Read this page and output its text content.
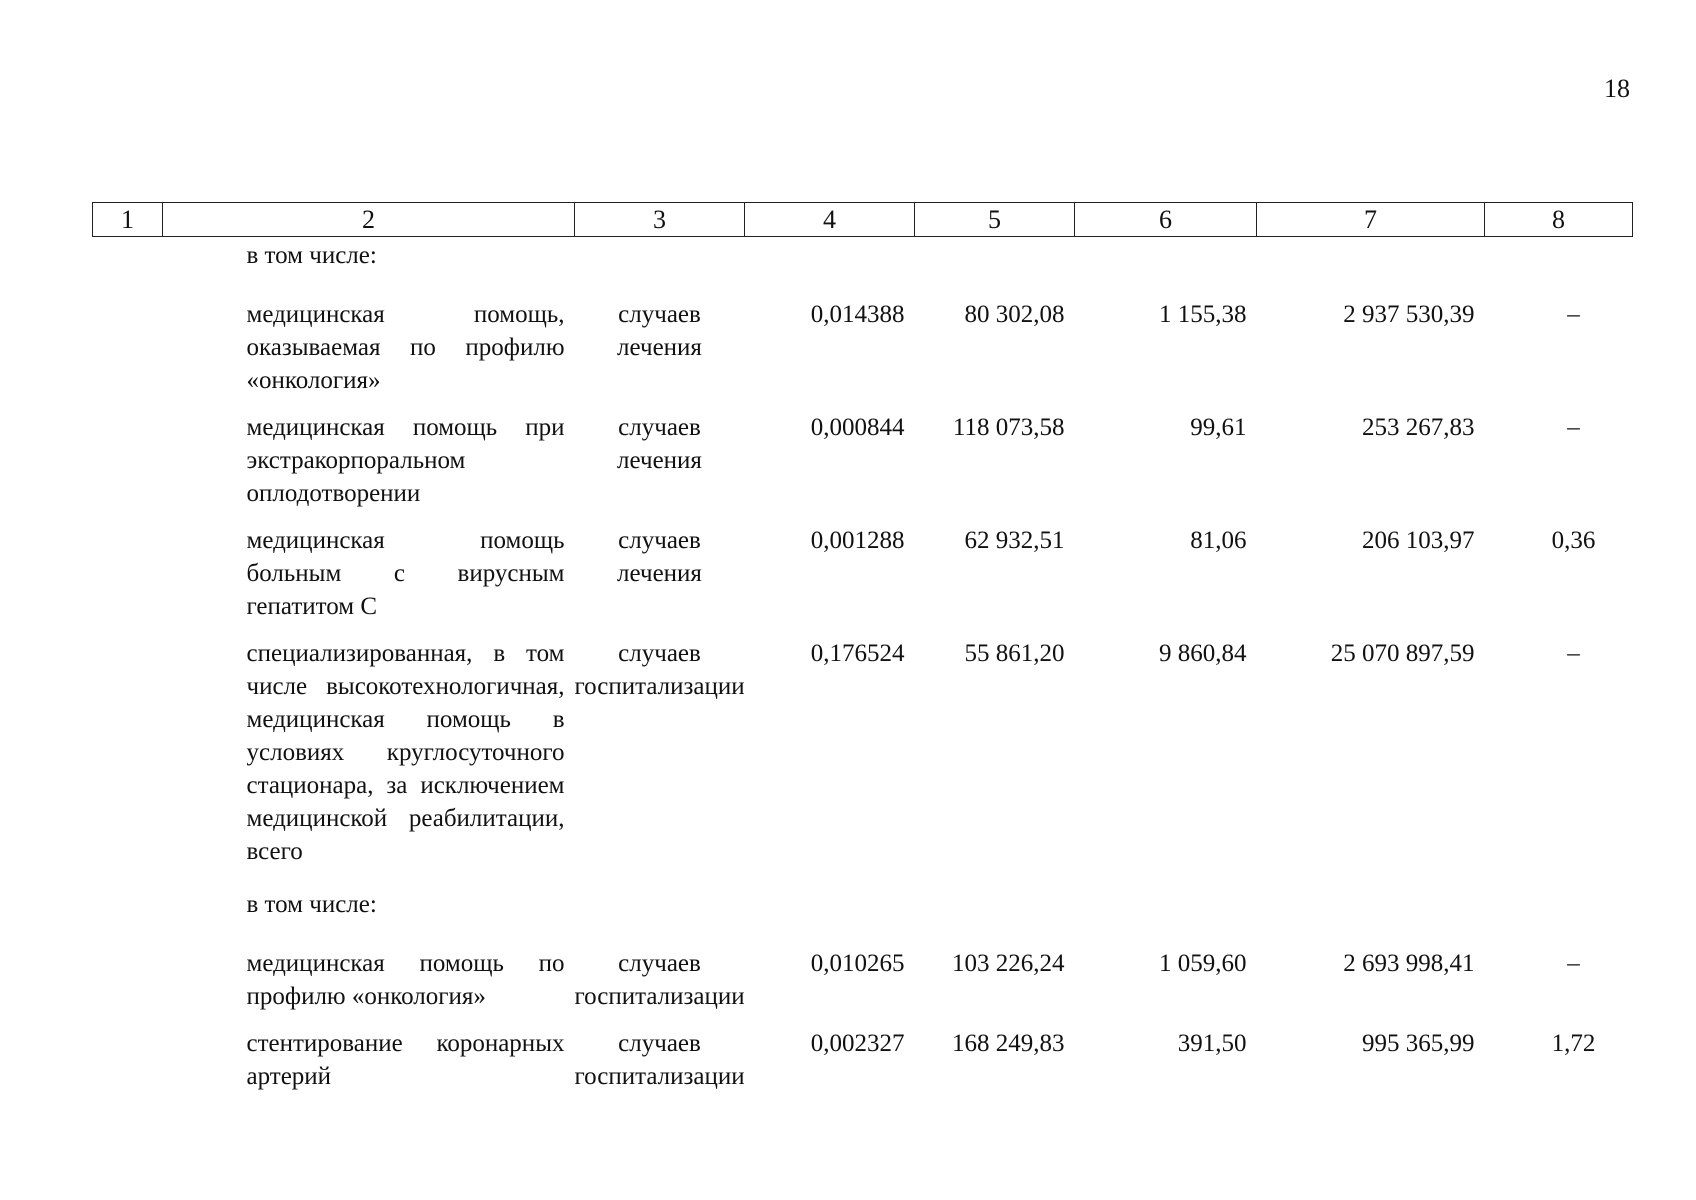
18
1	2	3	4	5	6	7	8
	в том числе:						
	медицинская помощь, оказываемая по профилю «онкология»	случаев лечения	0,014388	80 302,08	1 155,38	2 937 530,39	–
	медицинская помощь при экстракорпоральном оплодотворении	случаев лечения	0,000844	118 073,58	99,61	253 267,83	–
	медицинская помощь больным с вирусным гепатитом С	случаев лечения	0,001288	62 932,51	81,06	206 103,97	0,36
	специализированная, в том числе высокотехнологичная, медицинская помощь в условиях круглосуточного стационара, за исключением медицинской реабилитации, всего	случаев госпитализации	0,176524	55 861,20	9 860,84	25 070 897,59	–
	в том числе:						
	медицинская помощь по профилю «онкология»	случаев госпитализации	0,010265	103 226,24	1 059,60	2 693 998,41	–
	стентирование коронарных артерий	случаев госпитализации	0,002327	168 249,83	391,50	995 365,99	1,72
